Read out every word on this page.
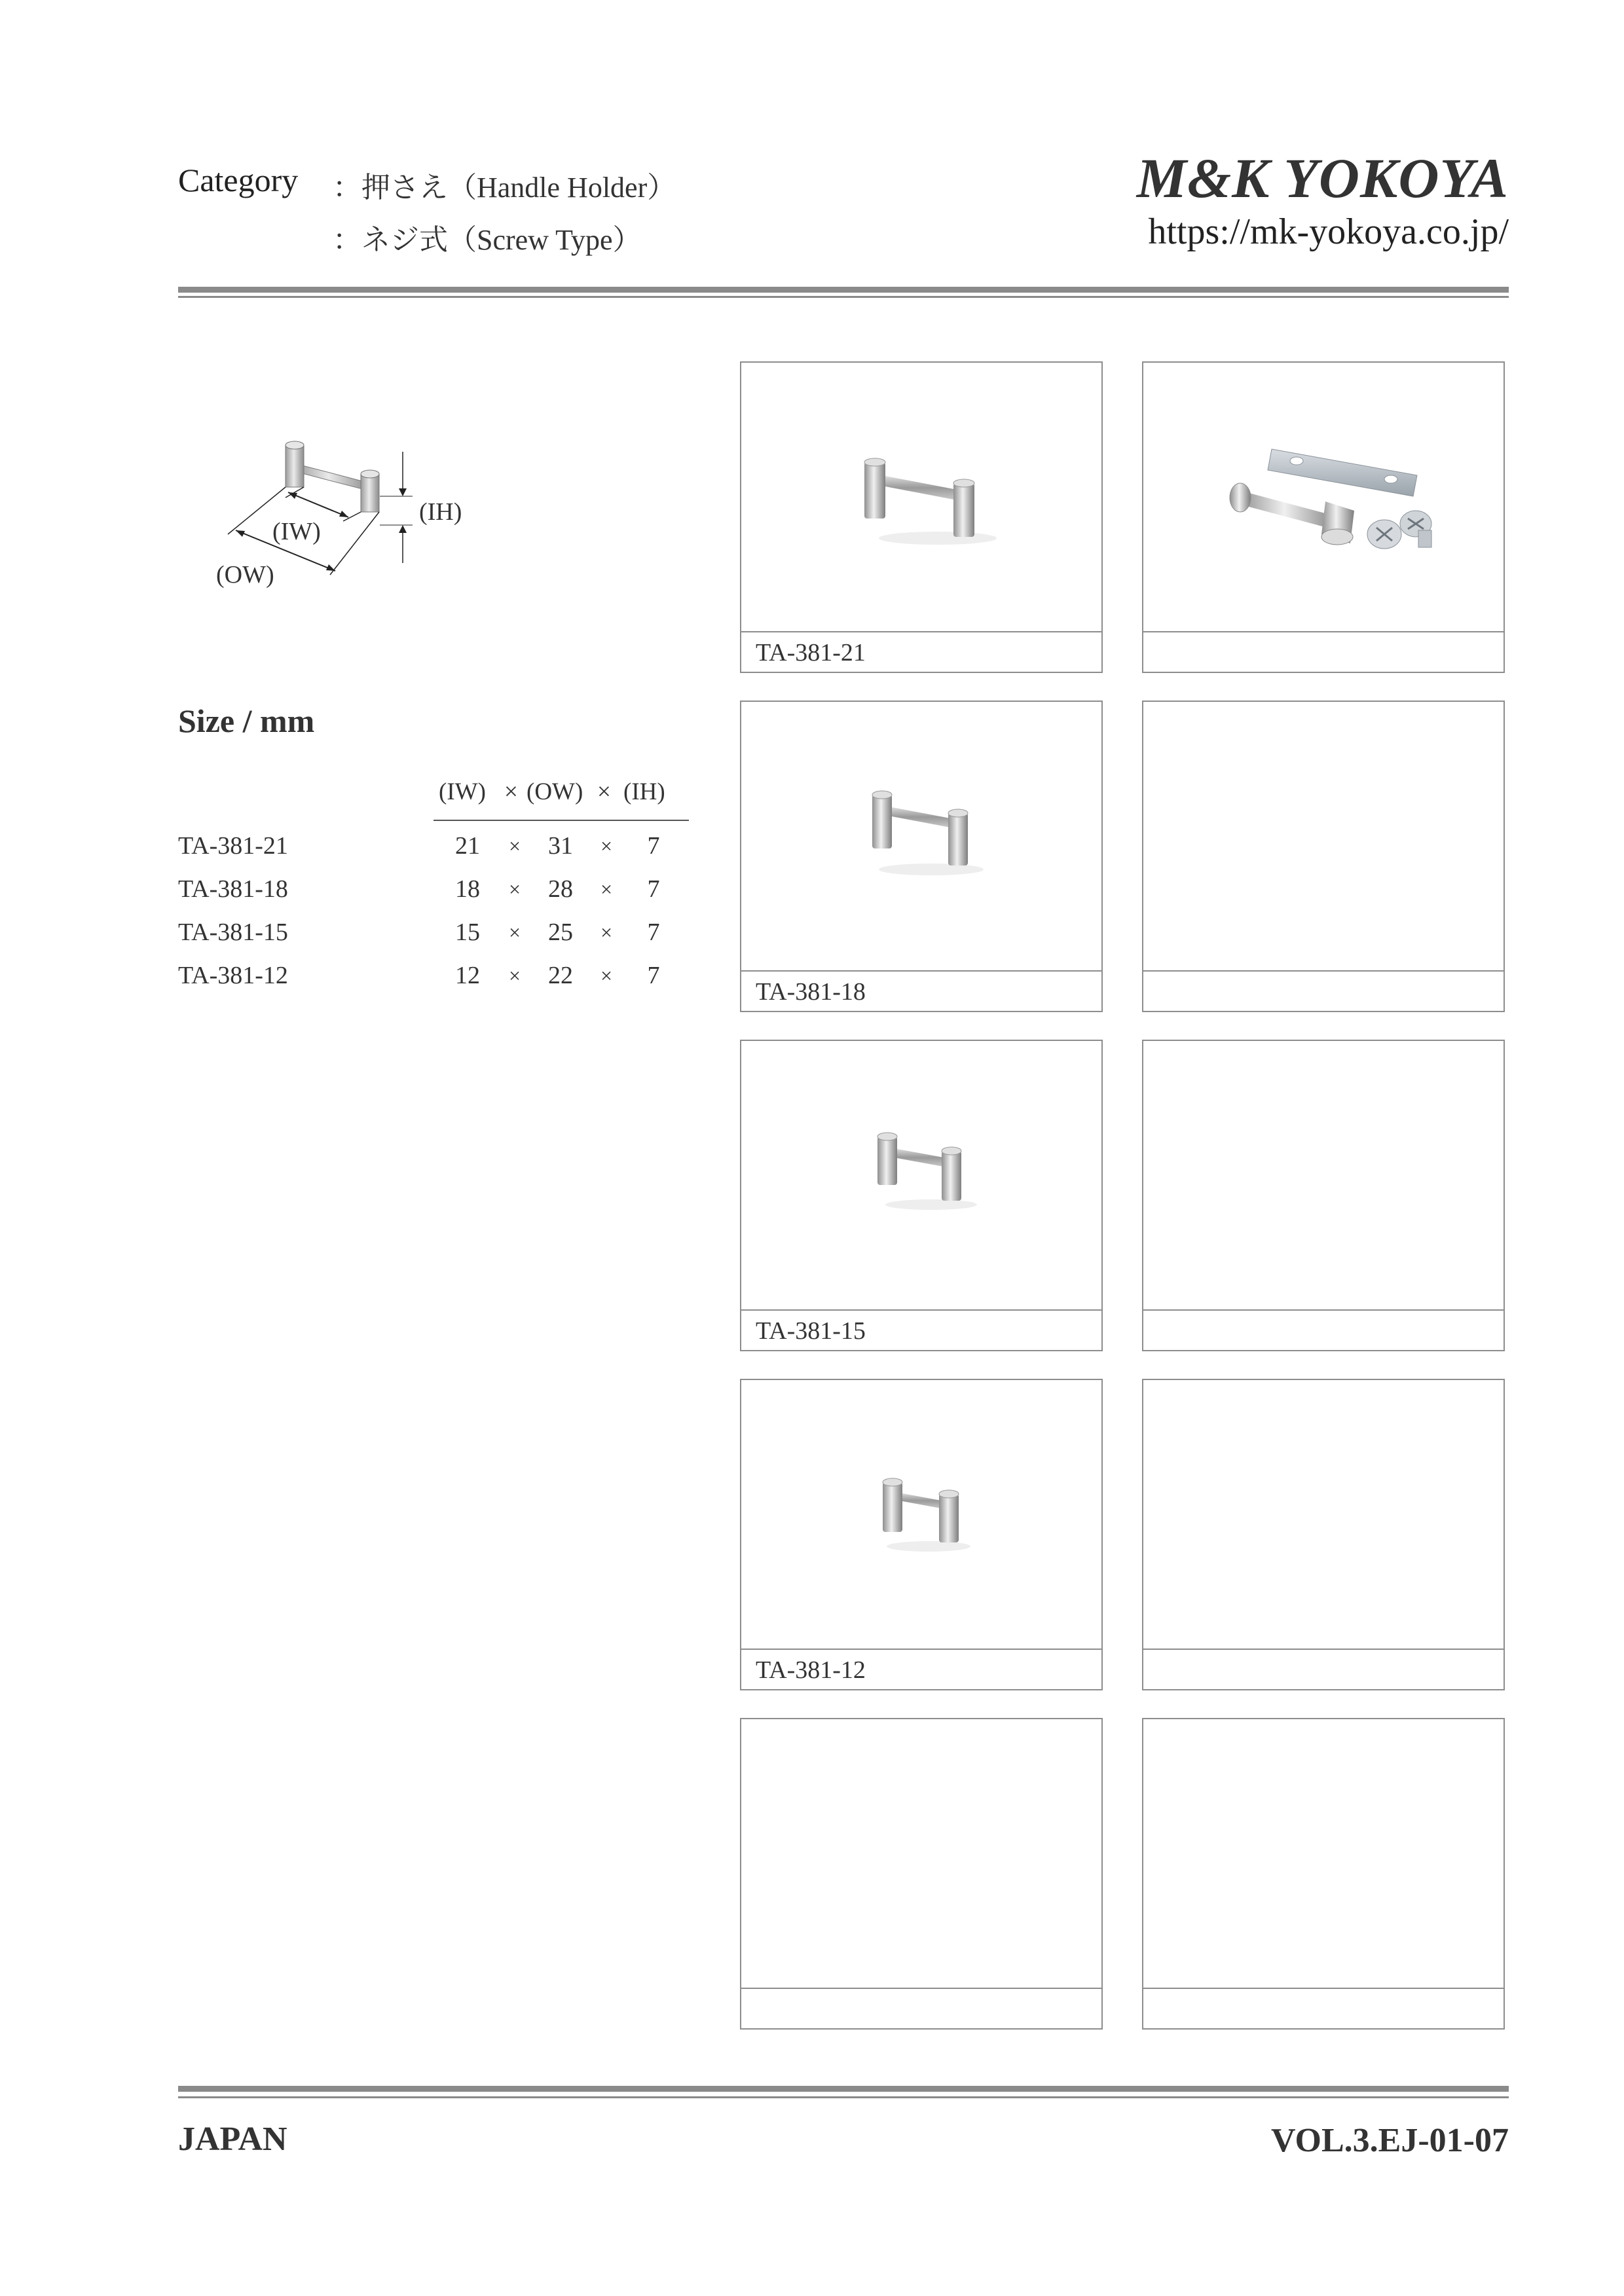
Category ：押さえ（Handle Holder）
：ネジ式（Screw Type）
M&K YOKOYA
https://mk-yokoya.co.jp/
(IW)
(OW)
(IH)
Size / mm
(IW) × (OW) × (IH)
TA-381-21	21	× 31	×	7
TA-381-18	18	× 28	×	7
TA-381-15	15	× 25	×	7
TA-381-12	12	× 22	×	7
TA-381-21
TA-381-18
TA-381-15
TA-381-12
JAPAN	VOL.3.EJ-01-07
